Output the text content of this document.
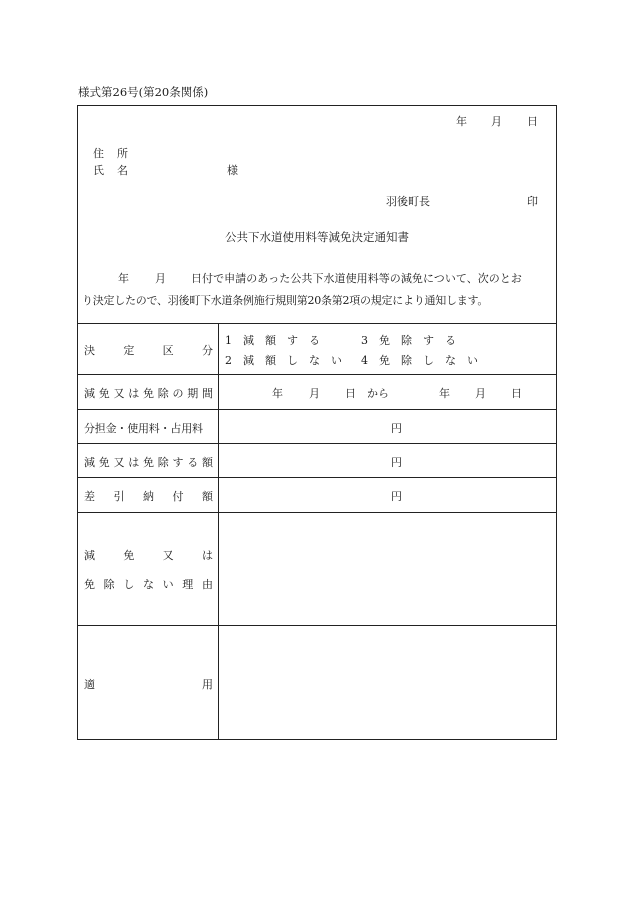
様式第26号(第20条関係)
年 月 日
住 所
氏 名	様
羽後町長	印
公共下水道使用料等減免決定通知書
年 月 日付で申請のあった公共下水道使用料等の減免について、次のとお
り決定したので、羽後町下水道条例施行規則第20条第2項の規定により通知します。
決	定	区	分
1　減　額　す　る	3　免　除　す　る
2　減　額　し　な　い 4　免　除　し　な　い
減 免 又 は 免 除 の 期 間	年 月 日 から	年 月 日
分担金・使用料・占用料	円
減 免 又 は 免 除 す る 額	円
差 引 納 付 額	円
減	免	又	は
免 除 し な い 理 由
適	用
